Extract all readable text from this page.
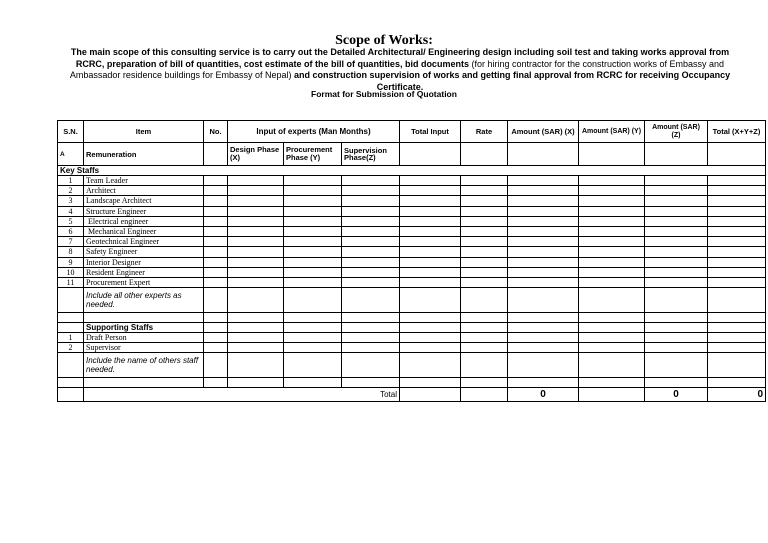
Scope of Works:
The main scope of this consulting service is to carry out the Detailed Architectural/ Engineering design including soil test and taking works approval from RCRC, preparation of bill of quantities, cost estimate of the bill of quantities, bid documents (for hiring contractor for the construction works of Embassy and Ambassador residence buildings for Embassy of Nepal) and construction supervision of works and getting final approval from RCRC for receiving Occupancy Certificate.
Format for Submission of Quotation
S.N.	Item	No.	Input of experts (Man Months)			Total Input	Rate	Amount (SAR) (X)	Amount (SAR) (Y)	Amount (SAR) (Z)	Total (X+Y+Z)
A	Remuneration		Design Phase (X)	Procurement Phase (Y)	Supervision Phase(Z)						
Key Staffs											
1	Team Leader										
2	Architect										
3	Landscape Architect										
4	Structure Engineer										
5	Electrical engineer										
6	Mechanical Engineer										
7	Geotechnical Engineer										
8	Safety Engineer										
9	Interior Designer										
10	Resident Engineer										
11	Procurement Expert										
	Include all other experts as needed.										

	Supporting Staffs										
1	Draft Person										
2	Supervisor										
	Include the name of others staff needed.										

	Total							0		0	0
